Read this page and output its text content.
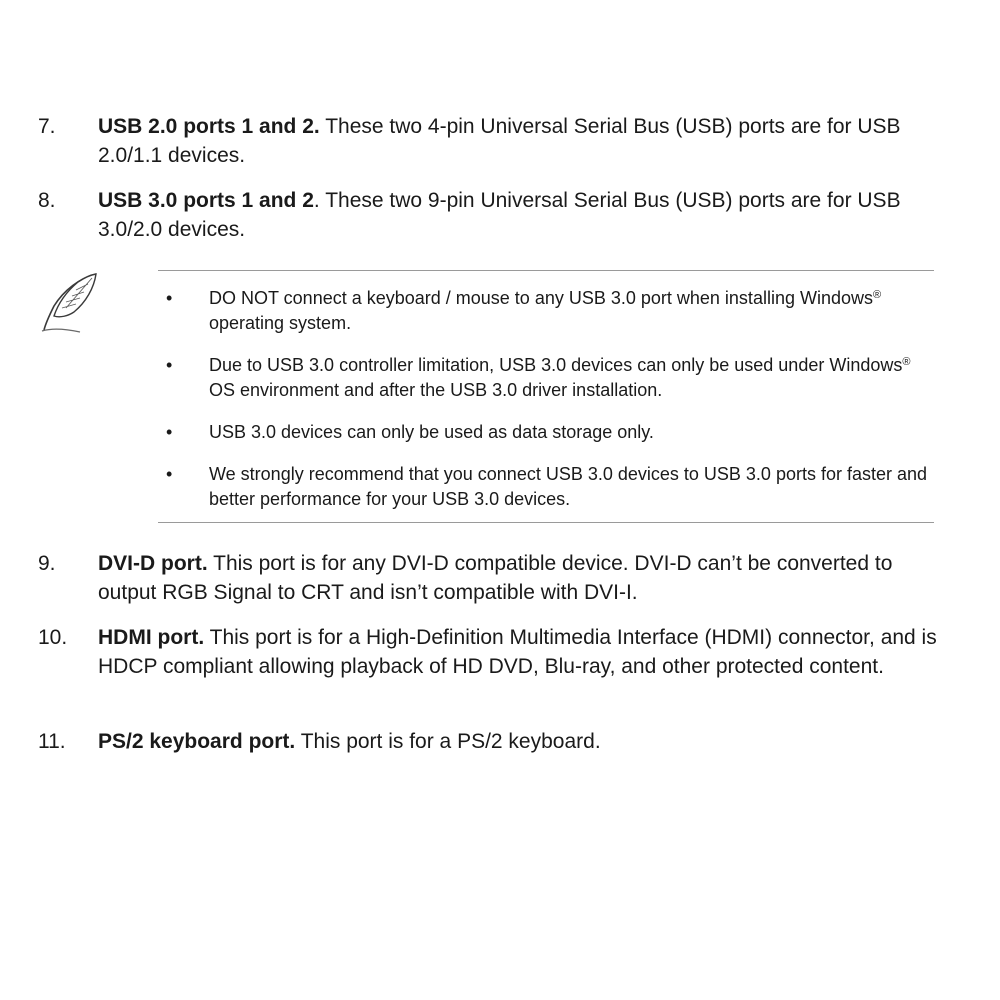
7.	USB 2.0 ports 1 and 2. These two 4-pin Universal Serial Bus (USB) ports are for USB 2.0/1.1 devices.
8.	USB 3.0 ports 1 and 2. These two 9-pin Universal Serial Bus (USB) ports are for USB 3.0/2.0 devices.
•	DO NOT connect a keyboard / mouse to any USB 3.0 port when installing Windows® operating system.
•	Due to USB 3.0 controller limitation, USB 3.0 devices can only be used under Windows® OS environment and after the USB 3.0 driver installation.
•	USB 3.0 devices can only be used as data storage only.
•	We strongly recommend that you connect USB 3.0 devices to USB 3.0 ports for faster and better performance for your USB 3.0 devices.
9.	DVI-D port. This port is for any DVI-D compatible device. DVI-D can’t be converted to output RGB Signal to CRT and isn’t compatible with DVI-I.
10.	HDMI port. This port is for a High-Definition Multimedia Interface (HDMI) connector, and is HDCP compliant allowing playback of HD DVD, Blu-ray, and other protected content.
11.	PS/2 keyboard port. This port is for a PS/2 keyboard.
